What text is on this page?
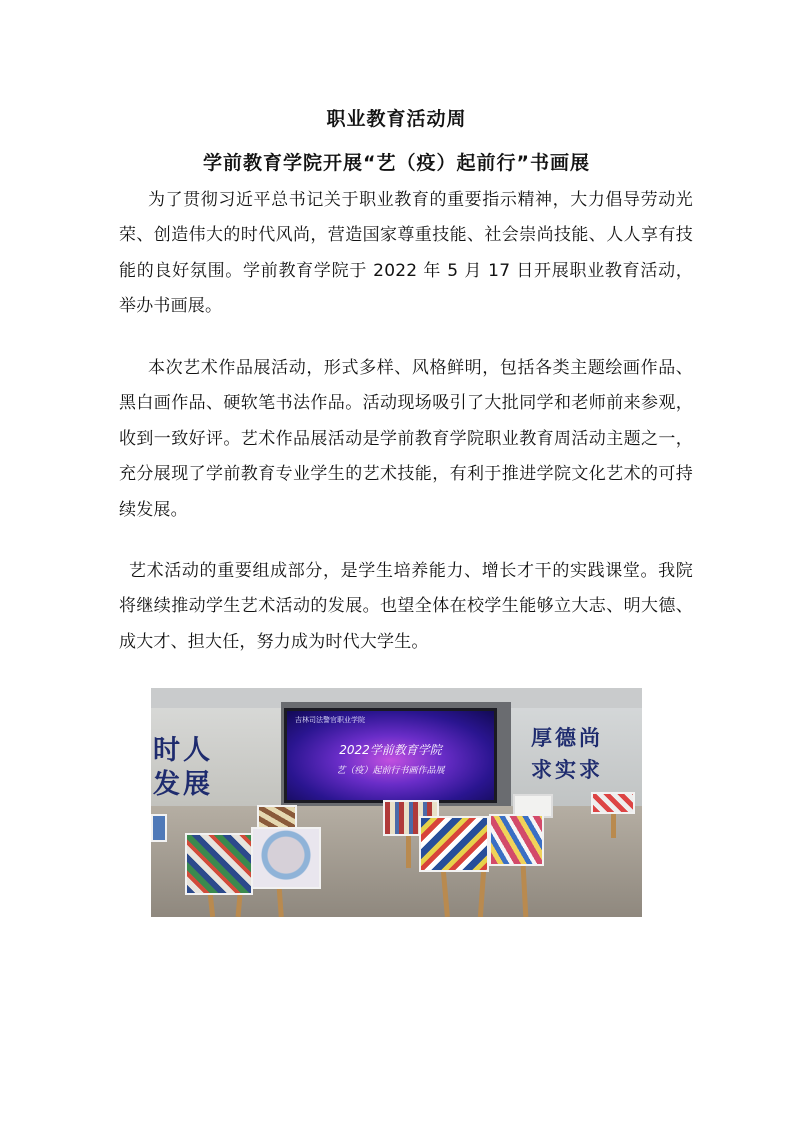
职业教育活动周
学前教育学院开展“艺（疫）起前行”书画展

为了贯彻习近平总书记关于职业教育的重要指示精神，大力倡导劳动光荣、创造伟大的时代风尚，营造国家尊重技能、社会崇尚技能、人人享有技能的良好氛围。学前教育学院于 2022 年 5 月 17 日开展职业教育活动，举办书画展。

本次艺术作品展活动，形式多样、风格鲜明，包括各类主题绘画作品、黑白画作品、硬软笔书法作品。活动现场吸引了大批同学和老师前来参观，收到一致好评。艺术作品展活动是学前教育学院职业教育周活动主题之一，充分展现了学前教育专业学生的艺术技能，有利于推进学院文化艺术的可持续发展。

艺术活动的重要组成部分，是学生培养能力、增长才干的实践课堂。我院将继续推动学生艺术活动的发展。也望全体在校学生能够立大志、明大德、成大才、担大任，努力成为时代大学生。

时人
发展
厚德尚
求实求
吉林司法警官职业学院
2022学前教育学院
艺（疫）起前行书画作品展
